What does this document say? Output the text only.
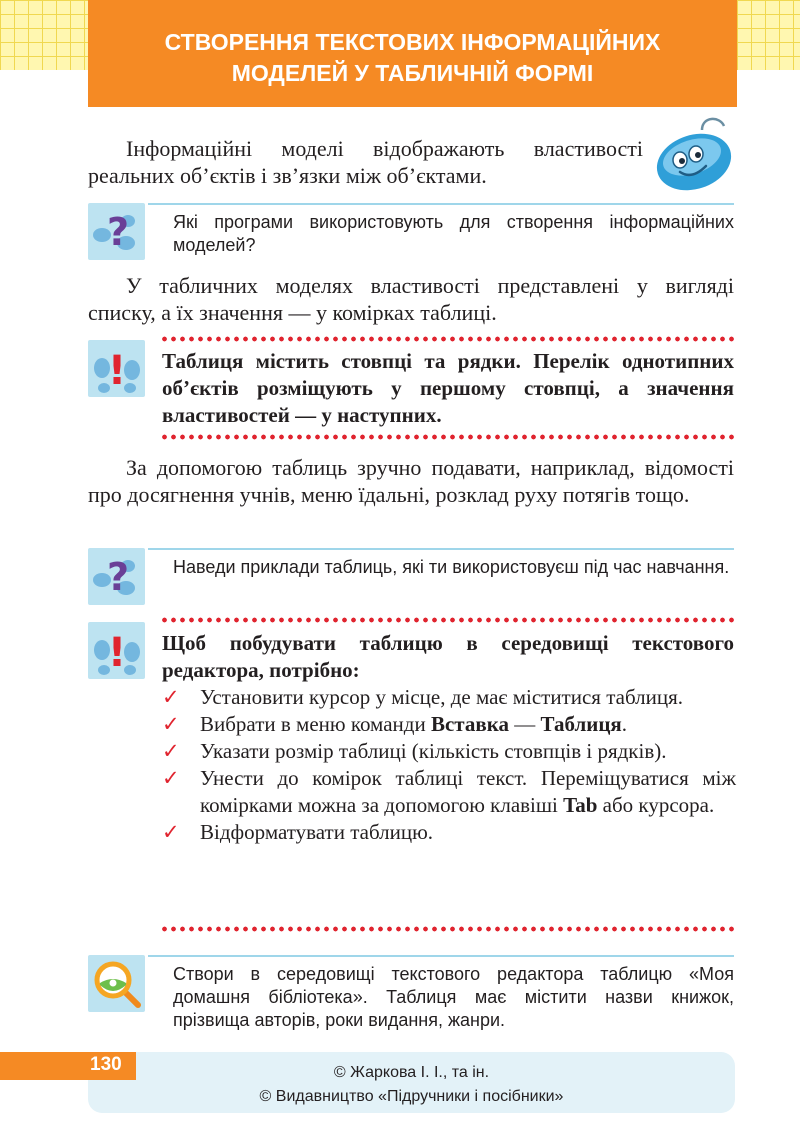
СТВОРЕННЯ ТЕКСТОВИХ ІНФОРМАЦІЙНИХ
МОДЕЛЕЙ У ТАБЛИЧНІЙ ФОРМІ

Інформаційні моделі відображають властивості реальних об’єктів і зв’язки між об’єктами.

? Які програми використовують для створення інформаційних моделей?

У табличних моделях властивості представлені у вигляді списку, а їх значення — у комірках таблиці.

! Таблиця містить стовпці та рядки. Перелік однотипних об’єктів розміщують у першому стовпці, а значення властивостей — у наступних.

За допомогою таблиць зручно подавати, наприклад, відомості про досягнення учнів, меню їдальні, розклад руху потягів тощо.

? Наведи приклади таблиць, які ти використовуєш під час навчання.

! Щоб побудувати таблицю в середовищі текстового редактора, потрібно:

✓ Установити курсор у місце, де має міститися таблиця.
✓ Вибрати в меню команди Вставка — Таблиця.
✓ Указати розмір таблиці (кількість стовпців і рядків).
✓ Унести до комірок таблиці текст. Переміщуватися між комірками можна за допомогою клавіші Tab або курсора.
✓ Відформатувати таблицю.

Створи в середовищі текстового редактора таблицю «Моя домашня бібліотека». Таблиця має містити назви книжок, прізвища авторів, роки видання, жанри.

© Жаркова І. І., та ін.
© Видавництво «Підручники і посібники»
130
